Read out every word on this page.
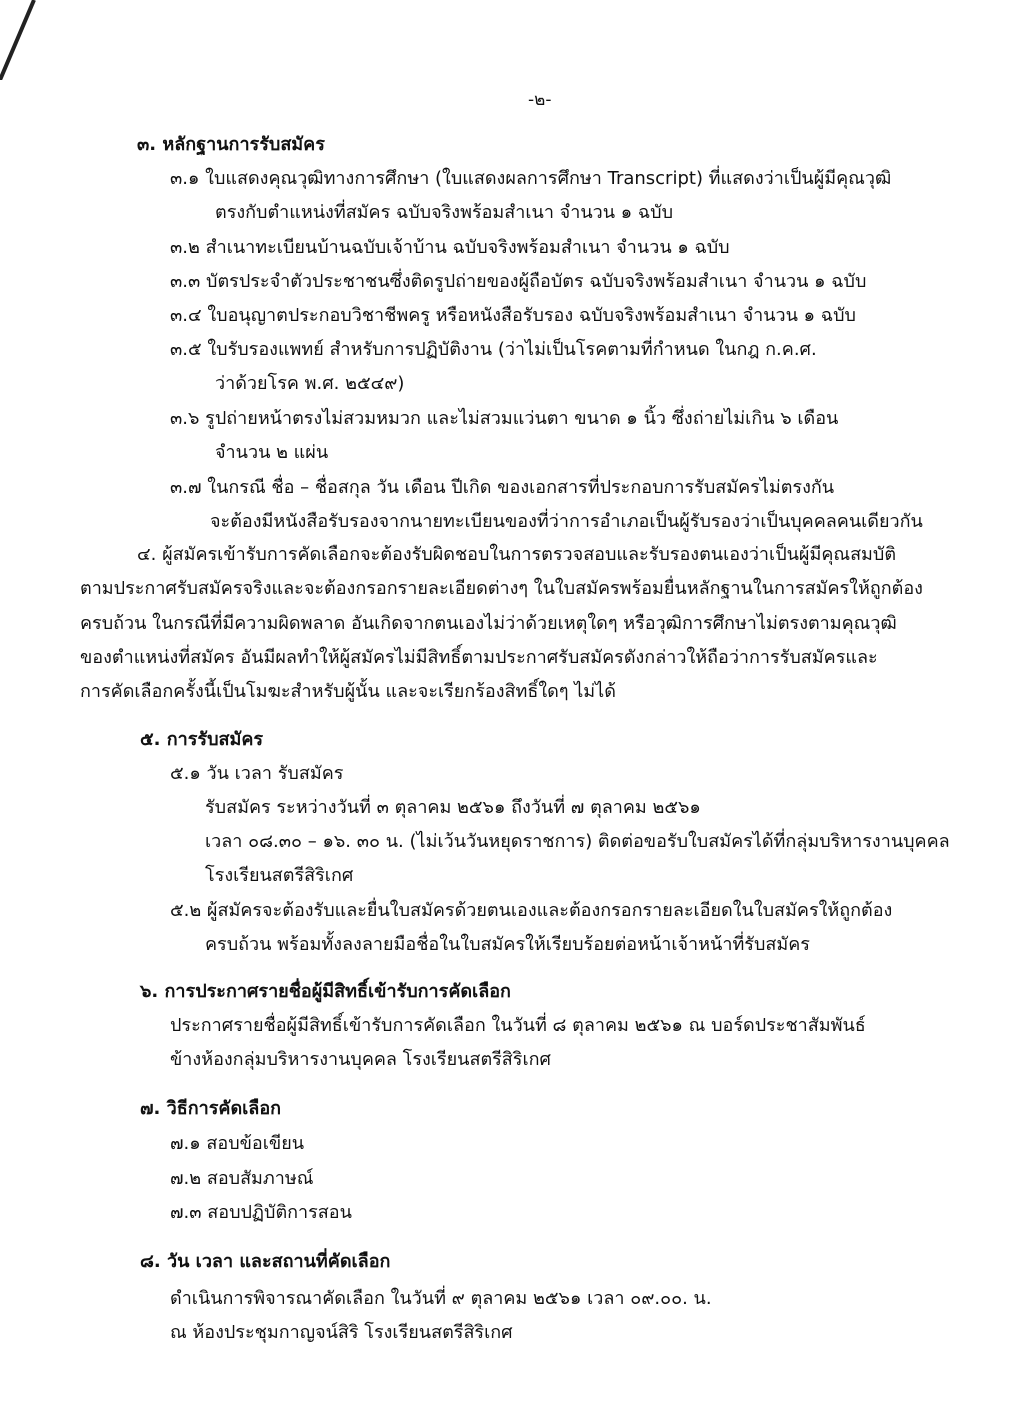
-๒-
๓. หลักฐานการรับสมัคร
๓.๑ ใบแสดงคุณวุฒิทางการศึกษา (ใบแสดงผลการศึกษา Transcript) ที่แสดงว่าเป็นผู้มีคุณวุฒิ
ตรงกับตำแหน่งที่สมัคร ฉบับจริงพร้อมสำเนา จำนวน ๑ ฉบับ
๓.๒ สำเนาทะเบียนบ้านฉบับเจ้าบ้าน ฉบับจริงพร้อมสำเนา จำนวน ๑ ฉบับ
๓.๓ บัตรประจำตัวประชาชนซึ่งติดรูปถ่ายของผู้ถือบัตร ฉบับจริงพร้อมสำเนา จำนวน ๑ ฉบับ
๓.๔ ใบอนุญาตประกอบวิชาชีพครู หรือหนังสือรับรอง ฉบับจริงพร้อมสำเนา จำนวน ๑ ฉบับ
๓.๕ ใบรับรองแพทย์ สำหรับการปฏิบัติงาน (ว่าไม่เป็นโรคตามที่กำหนด ในกฎ ก.ค.ศ.
ว่าด้วยโรค พ.ศ. ๒๕๔๙)
๓.๖ รูปถ่ายหน้าตรงไม่สวมหมวก และไม่สวมแว่นตา ขนาด ๑ นิ้ว ซึ่งถ่ายไม่เกิน ๖ เดือน
จำนวน ๒ แผ่น
๓.๗ ในกรณี ชื่อ – ชื่อสกุล วัน เดือน ปีเกิด ของเอกสารที่ประกอบการรับสมัครไม่ตรงกัน
จะต้องมีหนังสือรับรองจากนายทะเบียนของที่ว่าการอำเภอเป็นผู้รับรองว่าเป็นบุคคลคนเดียวกัน
๔. ผู้สมัครเข้ารับการคัดเลือกจะต้องรับผิดชอบในการตรวจสอบและรับรองตนเองว่าเป็นผู้มีคุณสมบัติ
ตามประกาศรับสมัครจริงและจะต้องกรอกรายละเอียดต่างๆ ในใบสมัครพร้อมยื่นหลักฐานในการสมัครให้ถูกต้อง
ครบถ้วน ในกรณีที่มีความผิดพลาด อันเกิดจากตนเองไม่ว่าด้วยเหตุใดๆ หรือวุฒิการศึกษาไม่ตรงตามคุณวุฒิ
ของตำแหน่งที่สมัคร อันมีผลทำให้ผู้สมัครไม่มีสิทธิ์ตามประกาศรับสมัครดังกล่าวให้ถือว่าการรับสมัครและ
การคัดเลือกครั้งนี้เป็นโมฆะสำหรับผู้นั้น และจะเรียกร้องสิทธิ์ใดๆ ไม่ได้
๕. การรับสมัคร
๕.๑ วัน เวลา รับสมัคร
รับสมัคร ระหว่างวันที่ ๓ ตุลาคม ๒๕๖๑ ถึงวันที่ ๗ ตุลาคม ๒๕๖๑
เวลา ๐๘.๓๐ – ๑๖. ๓๐ น. (ไม่เว้นวันหยุดราชการ) ติดต่อขอรับใบสมัครได้ที่กลุ่มบริหารงานบุคคล
โรงเรียนสตรีสิริเกศ
๕.๒ ผู้สมัครจะต้องรับและยื่นใบสมัครด้วยตนเองและต้องกรอกรายละเอียดในใบสมัครให้ถูกต้อง
ครบถ้วน พร้อมทั้งลงลายมือชื่อในใบสมัครให้เรียบร้อยต่อหน้าเจ้าหน้าที่รับสมัคร
๖. การประกาศรายชื่อผู้มีสิทธิ์เข้ารับการคัดเลือก
ประกาศรายชื่อผู้มีสิทธิ์เข้ารับการคัดเลือก ในวันที่ ๘ ตุลาคม ๒๕๖๑ ณ บอร์ดประชาสัมพันธ์
ข้างห้องกลุ่มบริหารงานบุคคล โรงเรียนสตรีสิริเกศ
๗. วิธีการคัดเลือก
๗.๑ สอบข้อเขียน
๗.๒ สอบสัมภาษณ์
๗.๓ สอบปฏิบัติการสอน
๘. วัน เวลา และสถานที่คัดเลือก
ดำเนินการพิจารณาคัดเลือก ในวันที่ ๙ ตุลาคม ๒๕๖๑ เวลา ๐๙.๐๐. น.
ณ ห้องประชุมกาญจน์สิริ โรงเรียนสตรีสิริเกศ
